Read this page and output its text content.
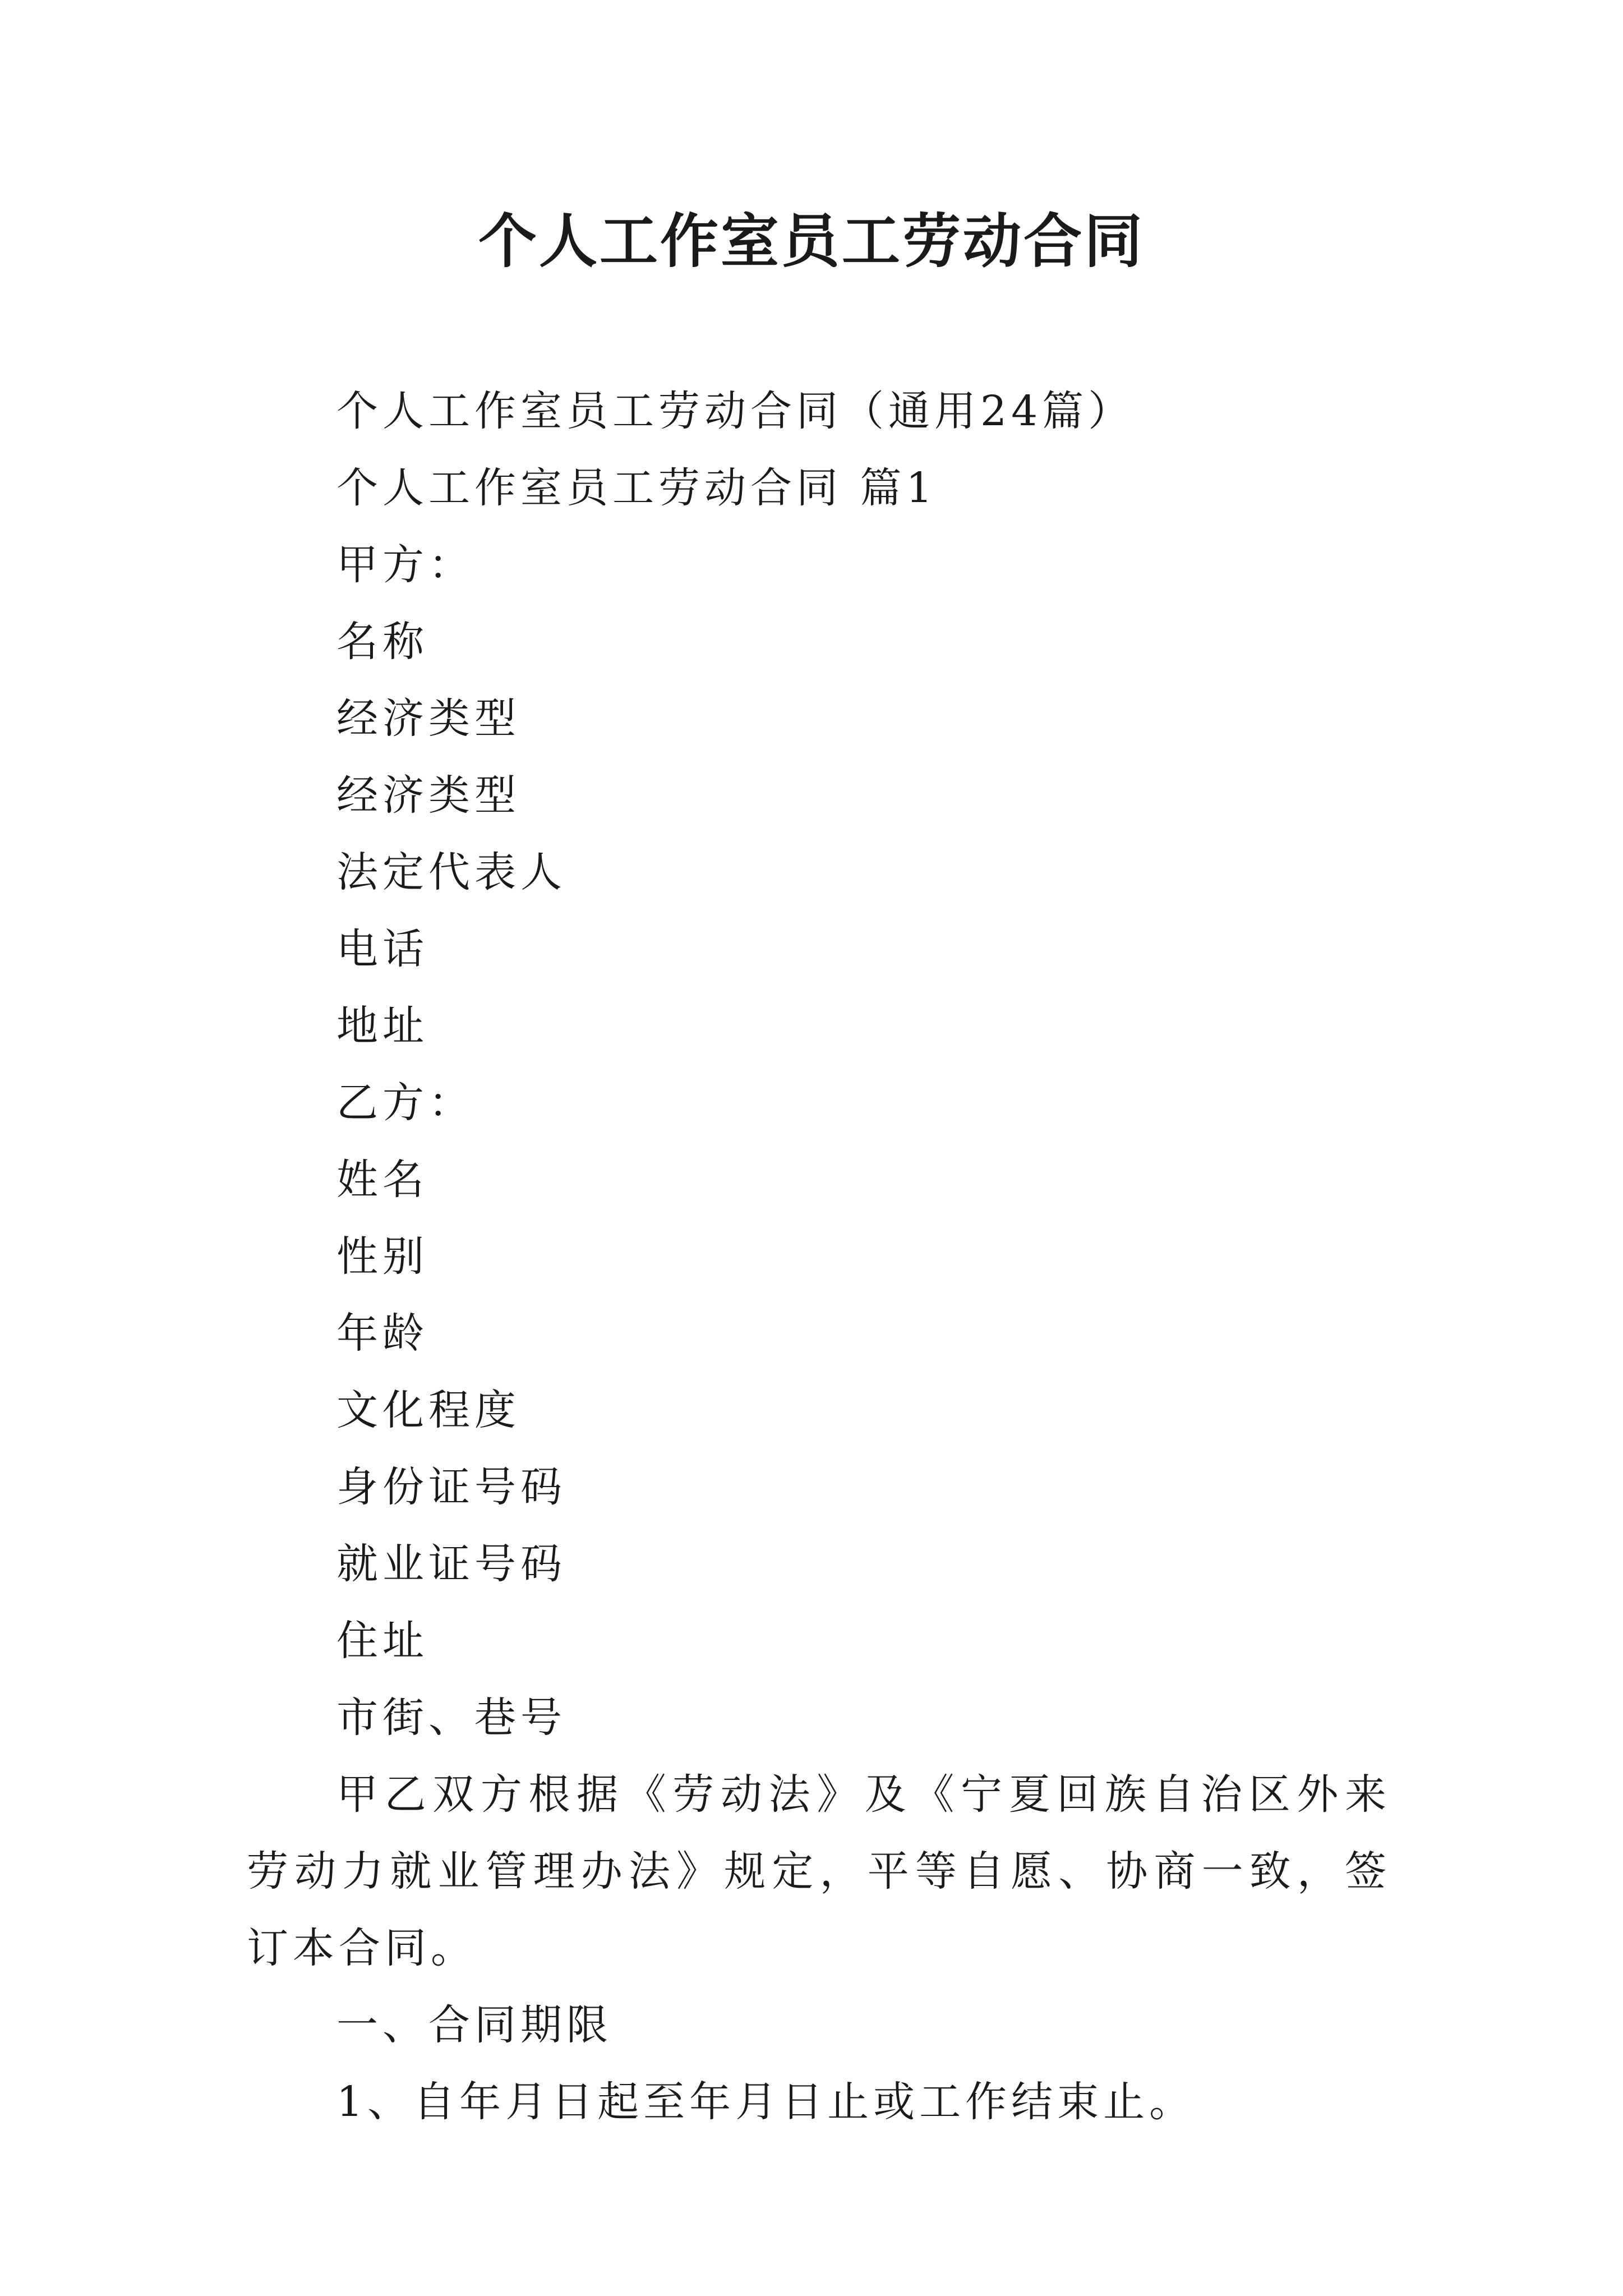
个人工作室员工劳动合同
个人工作室员工劳动合同（通用24篇）
个人工作室员工劳动合同 篇1
甲方：
名称
经济类型
经济类型
法定代表人
电话
地址
乙方：
姓名
性别
年龄
文化程度
身份证号码
就业证号码
住址
市街、巷号
甲乙双方根据《劳动法》及《宁夏回族自治区外来劳动力就业管理办法》规定，平等自愿、协商一致，签订本合同。
一、合同期限
1、自年月日起至年月日止或工作结束止。
